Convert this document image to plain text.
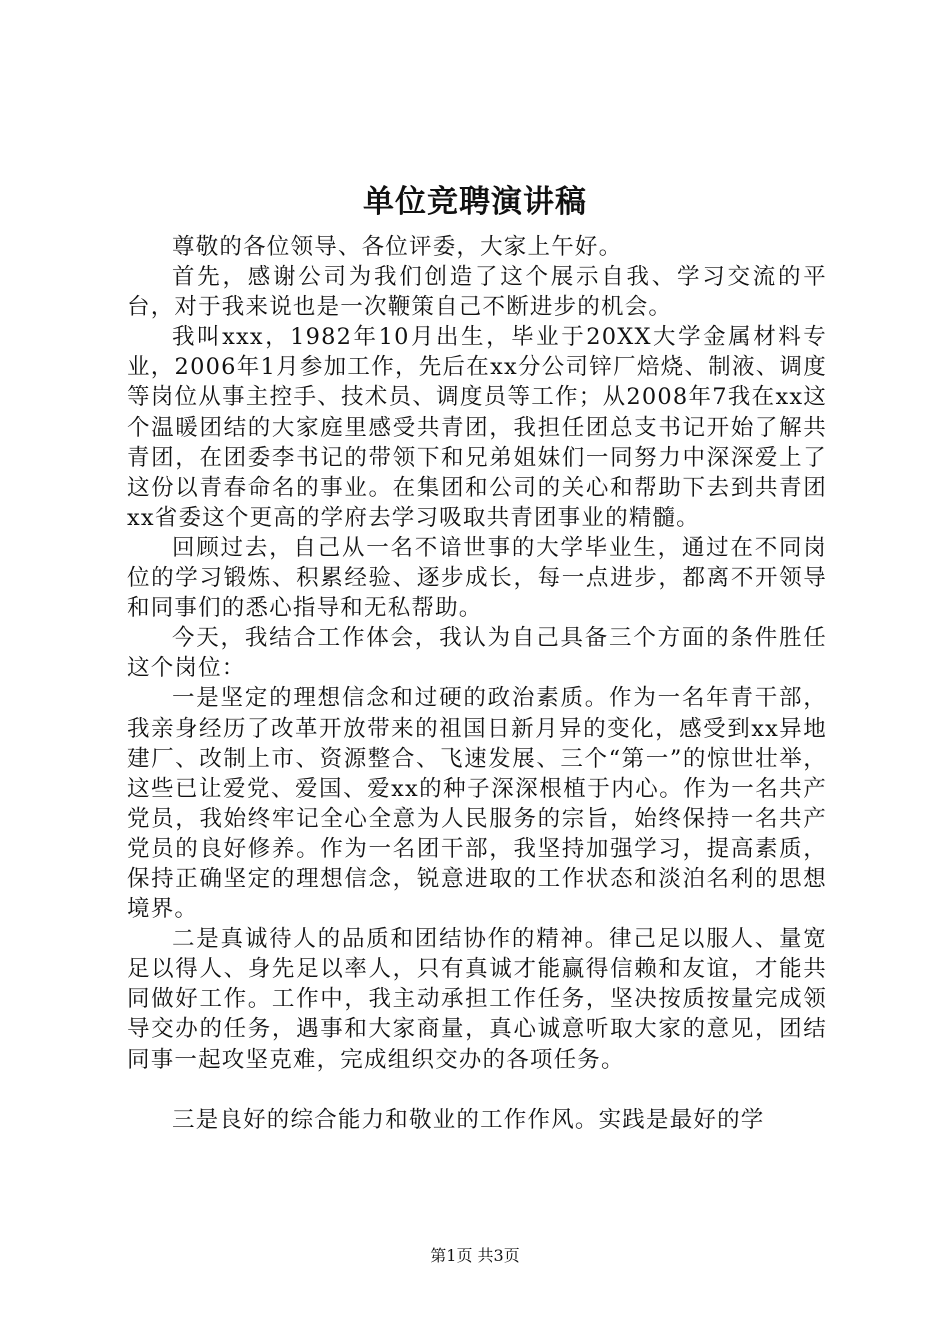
单位竞聘演讲稿

尊敬的各位领导、各位评委，大家上午好。

首先，感谢公司为我们创造了这个展示自我、学习交流的平台，对于我来说也是一次鞭策自己不断进步的机会。

我叫xxx，1982年10月出生，毕业于20XX大学金属材料专业，2006年1月参加工作，先后在xx分公司锌厂焙烧、制液、调度等岗位从事主控手、技术员、调度员等工作；从2008年7我在xx这个温暖团结的大家庭里感受共青团，我担任团总支书记开始了解共青团，在团委李书记的带领下和兄弟姐妹们一同努力中深深爱上了这份以青春命名的事业。在集团和公司的关心和帮助下去到共青团xx省委这个更高的学府去学习吸取共青团事业的精髓。

回顾过去，自己从一名不谙世事的大学毕业生，通过在不同岗位的学习锻炼、积累经验、逐步成长，每一点进步，都离不开领导和同事们的悉心指导和无私帮助。

今天，我结合工作体会，我认为自己具备三个方面的条件胜任这个岗位：

一是坚定的理想信念和过硬的政治素质。作为一名年青干部，我亲身经历了改革开放带来的祖国日新月异的变化，感受到xx异地建厂、改制上市、资源整合、飞速发展、三个“第一”的惊世壮举，这些已让爱党、爱国、爱xx的种子深深根植于内心。作为一名共产党员，我始终牢记全心全意为人民服务的宗旨，始终保持一名共产党员的良好修养。作为一名团干部，我坚持加强学习，提高素质，保持正确坚定的理想信念，锐意进取的工作状态和淡泊名利的思想境界。

二是真诚待人的品质和团结协作的精神。律己足以服人、量宽足以得人、身先足以率人，只有真诚才能赢得信赖和友谊，才能共同做好工作。工作中，我主动承担工作任务，坚决按质按量完成领导交办的任务，遇事和大家商量，真心诚意听取大家的意见，团结同事一起攻坚克难，完成组织交办的各项任务。

三是良好的综合能力和敬业的工作作风。实践是最好的学

第1页 共3页
